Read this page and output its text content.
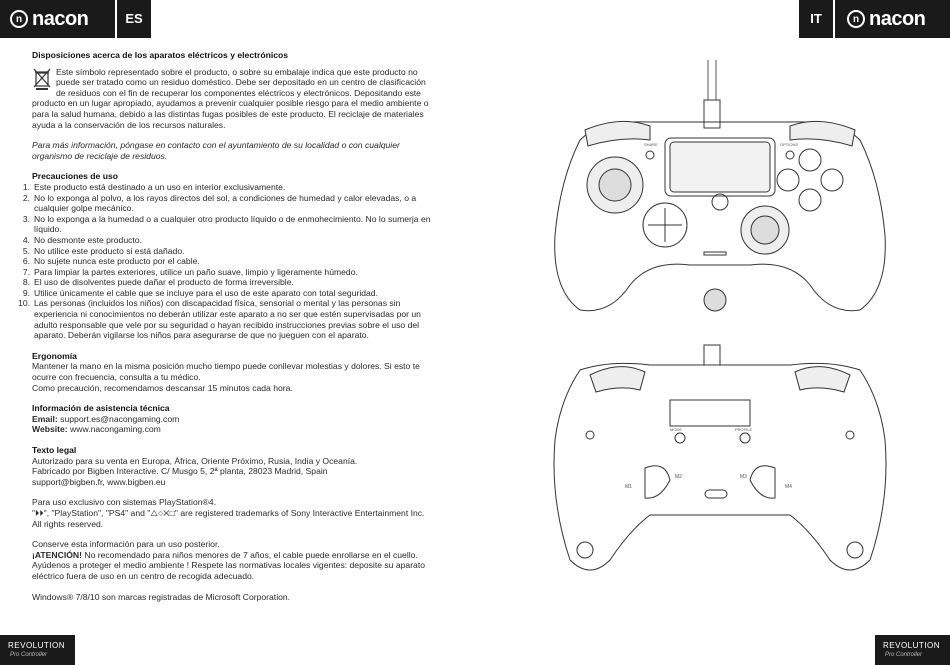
n nacon	ES	IT	n nacon

Disposiciones acerca de los aparatos eléctricos y electrónicos

Este símbolo representado sobre el producto, o sobre su embalaje indica que este producto no

puede ser tratado como un residuo doméstico. Debe ser depositado en un centro de clasificación

de residuos con el fin de recuperar los componentes eléctricos y electrónicos. Depositando este

producto en un lugar apropiado, ayudamos a prevenir cualquier posible riesgo para el medio ambiente o

para la salud humana, debido a las distintas fugas posibles de este producto. El reciclaje de materiales

ayuda a la conservación de los recursos naturales.

Para más información, póngase en contacto con el ayuntamiento de su localidad o con cualquier

organismo de reciclaje de residuos.

Precauciones de uso

1. Este producto está destinado a un uso en interior exclusivamente.
2. No lo exponga al polvo, a los rayos directos del sol, a condiciones de humedad y calor elevadas, o a
cualquier golpe mecánico.
3. No lo exponga a la humedad o a cualquier otro producto líquido o de enmohecimiento. No lo sumerja en
líquido.
4. No desmonte este producto.
5. No utilice este producto si está dañado.
6. No sujete nunca este producto por el cable.
7. Para limpiar la partes exteriores, utilice un paño suave, limpio y ligeramente húmedo.
8. El uso de disolventes puede dañar el producto de forma irreversible.
9. Utilice únicamente el cable que se incluye para el uso de este aparato con total seguridad.
10. Las personas (incluidos los niños) con discapacidad física, sensorial o mental y las personas sin
experiencia ni conocimientos no deberán utilizar este aparato a no ser que estén supervisadas por un
adulto responsable que vele por su seguridad o hayan recibido instrucciones previas sobre el uso del
aparato. Deberán vigilarse los niños para asegurarse de que no jueguen con el aparato.

Ergonomía

Mantener la mano en la misma posición mucho tiempo puede conllevar molestias y dolores. Si esto te

ocurre con frecuencia, consulta a tu médico.

Como precaución, recomendamos descansar 15 minutos cada hora.

Información de asistencia técnica

Email: support.es@nacongaming.com

Website: www.nacongaming.com

Texto legal

Autorizado para su venta en Europa, África, Oriente Próximo, Rusia, India y Oceanía.

Fabricado por Bigben Interactive. C/ Musgo 5, 2ª planta, 28023 Madrid, Spain

support@bigben.fr, www.bigben.eu

Para uso exclusivo con sistemas PlayStation®4.

"⏵⏵", "PlayStation", "PS4" and "△○✕□" are registered trademarks of Sony Interactive Entertainment Inc.

All rights reserved.

Conserve esta información para un uso posterior.

¡ATENCIÓN! No recomendado para niños menores de 7 años, el cable puede enrollarse en el cuello.

Ayúdenos a proteger el medio ambiente ! Respete las normativas locales vigentes: deposite su aparato

eléctrico fuera de uso en un centro de recogida adecuado.

Windows® 7/8/10 son marcas registradas de Microsoft Corporation.

SHARE	OPTIONS
MODE	PROFILE
M1
M2	M3
M4
REVOLUTION
Pro Controller
REVOLUTION
Pro Controller
